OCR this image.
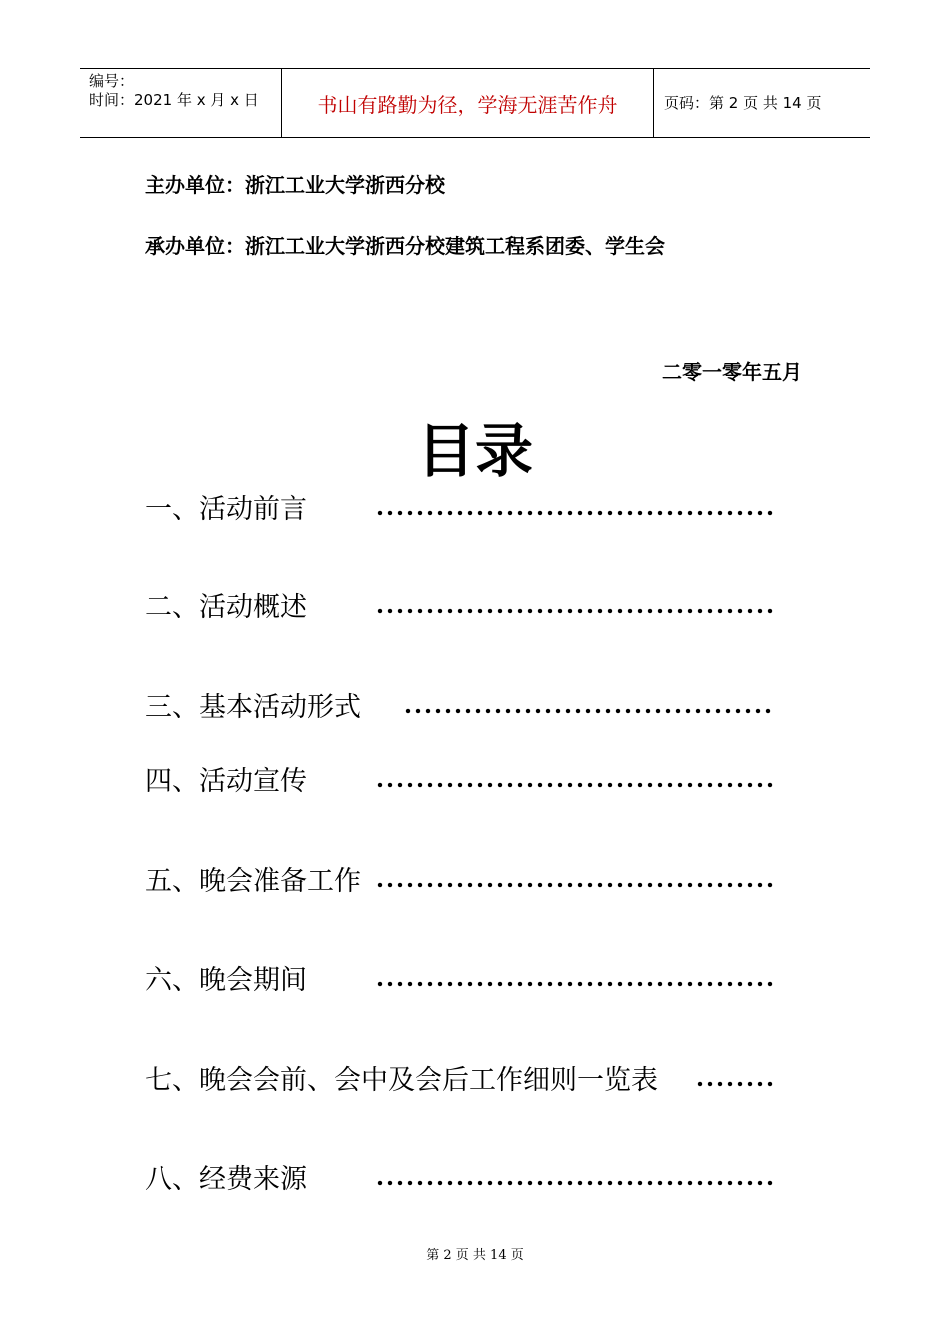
编号：
时间：2021 年 x 月 x 日	书山有路勤为径，学海无涯苦作舟	页码：第 2 页 共 14 页
主办单位：浙江工业大学浙西分校
承办单位：浙江工业大学浙西分校建筑工程系团委、学生会
二零一零年五月
目录
一、活动前言
二、活动概述
三、基本活动形式
四、活动宣传
五、晚会准备工作
六、晚会期间
七、晚会会前、会中及会后工作细则一览表
八、经费来源
第 2 页 共 14 页
